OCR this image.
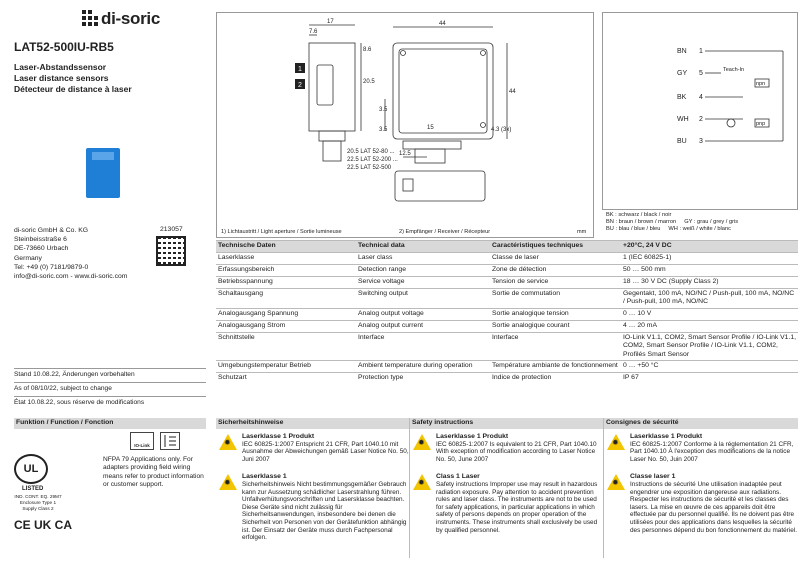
di-soric
LAT52-500IU-RB5
Laser-Abstandssensor
Laser distance sensors
Détecteur de distance à laser
di-soric GmbH & Co. KG
Steinbeisstraße 6
DE-73660 Urbach
Germany
Tel: +49 (0) 7181/9879-0
info@di-soric.com - www.di-soric.com
213057
Stand 10.08.22, Änderungen vorbehalten
As of 08/10/22, subject to change
État 10.08.22, sous réserve de modifications
Funktion / Function / Fonction
IO-Link
UL
LISTED
IND. CONT. EQ. 29M7 Enclosure Type 1 Supply Class 2
NFPA 79 Applications only. For adapters providing field wiring means refer to product information or customer support.
CE UK CA
17
7.6
44
8.6
20.5
44
3.5
3.5	15
12.5
4.3 (3x)
20.5 LAT 52-80 ...
22.5 LAT 52-200 ...
22.5 LAT 52-500
1
2
1) Lichtaustritt / Light aperture / Sortie lumineuse	2) Empfänger / Receiver / Récepteur	mm
BN 1
GY 5
BK 4
WH 2
BU 3
npn
pnp
Teach-In
BK : schwarz / black / noir
BN : braun / brown / marron GY : grau / grey / gris
BU : blau / blue / bleu WH : weiß / white / blanc
Technische Daten	Technical data	Caractéristiques techniques	+20°C, 24 V DC
Laserklasse	Laser class	Classe de laser	1 (IEC 60825-1)
Erfassungsbereich	Detection range	Zone de détection	50 … 500 mm
Betriebsspannung	Service voltage	Tension de service	18 … 30 V DC (Supply Class 2)
Schaltausgang	Switching output	Sortie de commutation	Gegentakt, 100 mA, NO/NC / Push-pull, 100 mA, NO/NC / Push-pull, 100 mA, NO/NC
Analogausgang Spannung	Analog output voltage	Sortie analogique tension	0 … 10 V
Analogausgang Strom	Analog output current	Sortie analogique courant	4 … 20 mA
Schnittstelle	Interface	Interface	IO-Link V1.1, COM2, Smart Sensor Profile / IO-Link V1.1, COM2, Smart Sensor Profile / IO-Link V1.1, COM2, Profilés Smart Sensor
Umgebungstemperatur Betrieb	Ambient temperature during operation	Température ambiante de fonctionnement	0 … +50 °C
Schutzart	Protection type	Indice de protection	IP 67
Sicherheitshinweise
✹
Laserklasse 1 Produkt
IEC 60825-1:2007 Entspricht 21 CFR, Part 1040.10 mit Ausnahme der Abweichungen gemäß Laser Notice No. 50, Juni 2007
✹
Laserklasse 1
Sicherheitshinweis Nicht bestimmungsgemäßer Gebrauch kann zur Aussetzung schädlicher Laserstrahlung führen. Unfallverhütungsvorschriften und Lasersklasse beachten. Diese Geräte sind nicht zulässig für Sicherheitsanwendungen, insbesondere bei denen die Sicherheit von Personen von der Gerätefunktion abhängig ist. Der Einsatz der Geräte muss durch Fachpersonal erfolgen.
Safety instructions
✹
Laserklasse 1 Produkt
IEC 60825-1:2007 Is equivalent to 21 CFR, Part 1040.10 With exception of modification according to Laser Notice No. 50, June 2007
✹
Class 1 Laser
Safety instructions Improper use may result in hazardous radiation exposure. Pay attention to accident prevention rules and laser class. The instruments are not to be used for safety applications, in particular applications in which safety of persons depends on proper operation of the instruments. These instruments shall exclusively be used by qualified personnel.
Consignes de sécurité
✹
Laserklasse 1 Produkt
IEC 60825-1:2007 Conforme à la réglementation 21 CFR, Part 1040.10 À l'exception des modifications de la notice Laser No. 50, Juin 2007
✹
Classe laser 1
Instructions de sécurité Une utilisation inadaptée peut engendrer une exposition dangereuse aux radiations. Respecter les instructions de sécurité et les classes des lasers. La mise en œuvre de ces appareils doit être effectuée par du personnel qualifié. Ils ne doivent pas être utilisées pour des applications dans lesquelles la sécurité des personnes dépend du bon fonctionnement du matériel.
